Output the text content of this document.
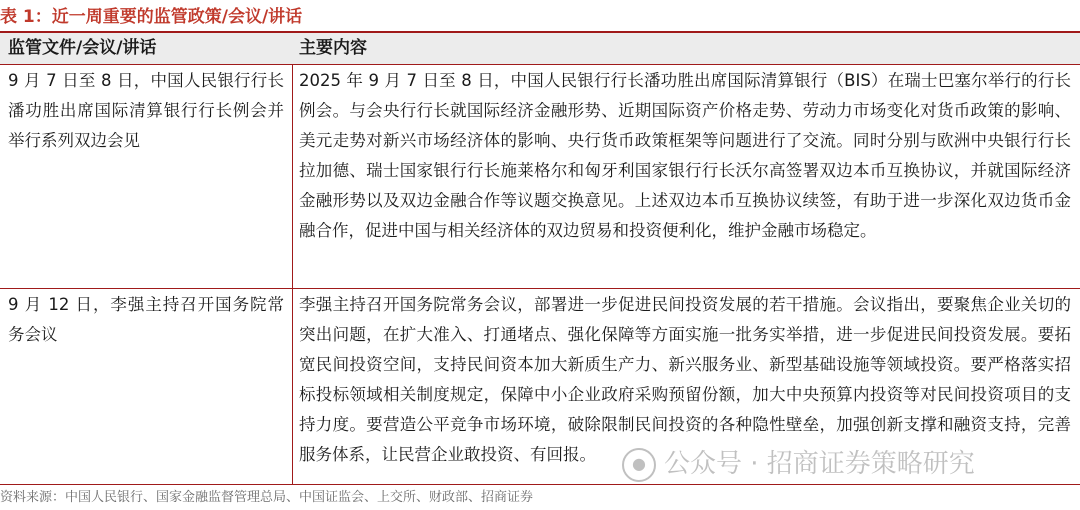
表 1：近一周重要的监管政策/会议/讲话
监管文件/会议/讲话	主要内容
9 月 7 日至 8 日，中国人民银行行长潘功胜出席国际清算银行行长例会并举行系列双边会见
2025 年 9 月 7 日至 8 日，中国人民银行行长潘功胜出席国际清算银行（BIS）在瑞士巴塞尔举行的行长例会。与会央行行长就国际经济金融形势、近期国际资产价格走势、劳动力市场变化对货币政策的影响、美元走势对新兴市场经济体的影响、央行货币政策框架等问题进行了交流。同时分别与欧洲中央银行行长拉加德、瑞士国家银行行长施莱格尔和匈牙利国家银行行长沃尔高签署双边本币互换协议，并就国际经济金融形势以及双边金融合作等议题交换意见。上述双边本币互换协议续签，有助于进一步深化双边货币金融合作，促进中国与相关经济体的双边贸易和投资便利化，维护金融市场稳定。
9 月 12 日，李强主持召开国务院常务会议
李强主持召开国务院常务会议，部署进一步促进民间投资发展的若干措施。会议指出，要聚焦企业关切的突出问题，在扩大准入、打通堵点、强化保障等方面实施一批务实举措，进一步促进民间投资发展。要拓宽民间投资空间，支持民间资本加大新质生产力、新兴服务业、新型基础设施等领域投资。要严格落实招标投标领域相关制度规定，保障中小企业政府采购预留份额，加大中央预算内投资等对民间投资项目的支持力度。要营造公平竞争市场环境，破除限制民间投资的各种隐性壁垒，加强创新支撑和融资支持，完善服务体系，让民营企业敢投资、有回报。	● 公众号 · 招商证券策略研究
资料来源：中国人民银行、国家金融监督管理总局、中国证监会、上交所、财政部、招商证券
